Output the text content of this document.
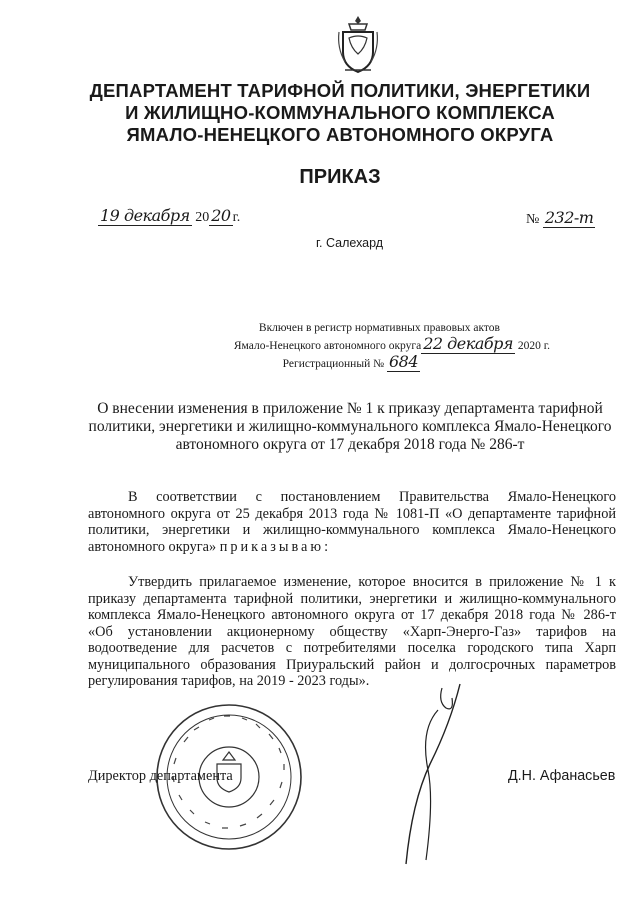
ДЕПАРТАМЕНТ ТАРИФНОЙ ПОЛИТИКИ, ЭНЕРГЕТИКИ
И ЖИЛИЩНО-КОММУНАЛЬНОГО КОМПЛЕКСА
ЯМАЛО-НЕНЕЦКОГО АВТОНОМНОГО ОКРУГА
ПРИКАЗ
19 декабря 20 20 г.	№ 232-т
г. Салехард
Включен в регистр нормативных правовых актов
Ямало-Ненецкого автономного округа 22 декабря 2020 г.
Регистрационный № 684
О внесении изменения в приложение № 1 к приказу департамента тарифной политики, энергетики и жилищно-коммунального комплекса Ямало-Ненецкого автономного округа от 17 декабря 2018 года № 286-т
В соответствии с постановлением Правительства Ямало-Ненецкого автономного округа от 25 декабря 2013 года № 1081-П «О департаменте тарифной политики, энергетики и жилищно-коммунального комплекса Ямало-Ненецкого автономного округа» приказываю:
Утвердить прилагаемое изменение, которое вносится в приложение № 1 к приказу департамента тарифной политики, энергетики и жилищно-коммунального комплекса Ямало-Ненецкого автономного округа от 17 декабря 2018 года № 286-т «Об установлении акционерному обществу «Харп-Энерго-Газ» тарифов на водоотведение для расчетов с потребителями поселка городского типа Харп муниципального образования Приуральский район и долгосрочных параметров регулирования тарифов, на 2019 - 2023 годы».
Директор департамента	Д.Н. Афанасьев
